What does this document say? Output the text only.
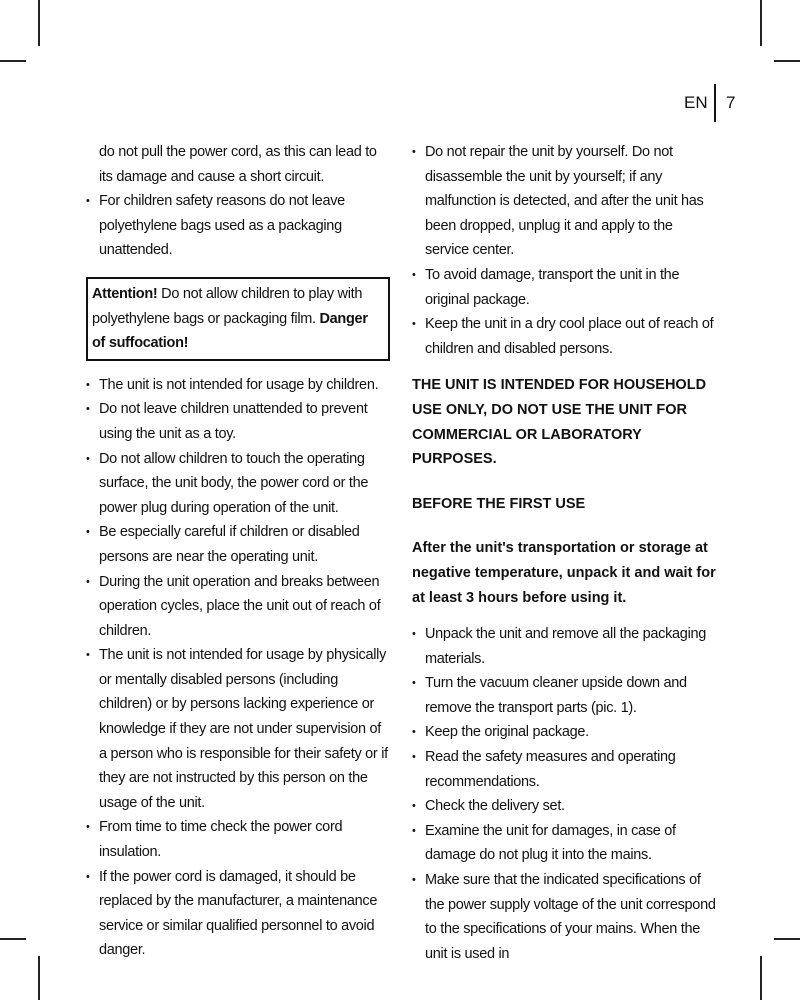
EN 7

do not pull the power cord, as this can lead to its damage and cause a short circuit.

• For children safety reasons do not leave polyethylene bags used as a packaging unattended.
Attention! Do not allow children to play with polyethylene bags or packaging film. Danger of suffocation!
• The unit is not intended for usage by children.
• Do not leave children unattended to prevent using the unit as a toy.
• Do not allow children to touch the operating surface, the unit body, the power cord or the power plug during operation of the unit.
• Be especially careful if children or disabled persons are near the operating unit.
• During the unit operation and breaks between operation cycles, place the unit out of reach of children.
• The unit is not intended for usage by physically or mentally disabled persons (including children) or by persons lacking experience or knowledge if they are not under supervision of a person who is responsible for their safety or if they are not instructed by this person on the usage of the unit.
• From time to time check the power cord insulation.
• If the power cord is damaged, it should be replaced by the manufacturer, a maintenance service or similar qualified personnel to avoid danger.
• Do not repair the unit by yourself. Do not disassemble the unit by yourself; if any malfunction is detected, and after the unit has been dropped, unplug it and apply to the service center.
• To avoid damage, transport the unit in the original package.
• Keep the unit in a dry cool place out of reach of children and disabled persons.

THE UNIT IS INTENDED FOR HOUSEHOLD USE ONLY, DO NOT USE THE UNIT FOR COMMERCIAL OR LABORATORY PURPOSES.

BEFORE THE FIRST USE

After the unit's transportation or storage at negative temperature, unpack it and wait for at least 3 hours before using it.

• Unpack the unit and remove all the packaging materials.
• Turn the vacuum cleaner upside down and remove the transport parts (pic. 1).
• Keep the original package.
• Read the safety measures and operating recommendations.
• Check the delivery set.
• Examine the unit for damages, in case of damage do not plug it into the mains.
• Make sure that the indicated specifications of the power supply voltage of the unit correspond to the specifications of your mains. When the unit is used in
